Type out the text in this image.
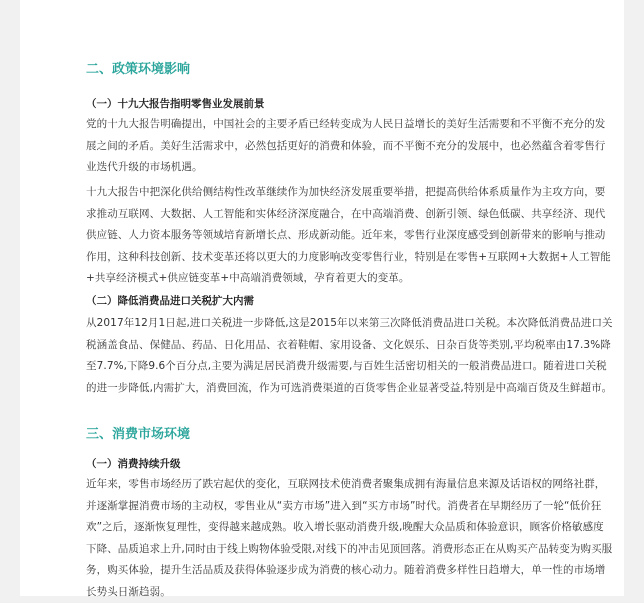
二、政策环境影响
（一）十九大报告指明零售业发展前景
党的十九大报告明确提出，中国社会的主要矛盾已经转变成为人民日益增长的美好生活需要和不平衡不充分的发展之间的矛盾。美好生活需求中，必然包括更好的消费和体验，而不平衡不充分的发展中，也必然蕴含着零售行业迭代升级的市场机遇。
十九大报告中把深化供给侧结构性改革继续作为加快经济发展重要举措，把提高供给体系质量作为主攻方向，要求推动互联网、大数据、人工智能和实体经济深度融合，在中高端消费、创新引领、绿色低碳、共享经济、现代供应链、人力资本服务等领域培育新增长点、形成新动能。近年来，零售行业深度感受到创新带来的影响与推动作用，这种科技创新、技术变革还将以更大的力度影响改变零售行业，特别是在零售+互联网+大数据+人工智能+共享经济模式+供应链变革+中高端消费领域，孕育着更大的变革。
（二）降低消费品进口关税扩大内需
从2017年12月1日起,进口关税进一步降低,这是2015年以来第三次降低消费品进口关税。本次降低消费品进口关税涵盖食品、保健品、药品、日化用品、衣着鞋帽、家用设备、文化娱乐、日杂百货等类别,平均税率由17.3%降至7.7%,下降9.6个百分点,主要为满足居民消费升级需要,与百姓生活密切相关的一般消费品进口。随着进口关税的进一步降低,内需扩大，消费回流，作为可选消费渠道的百货零售企业显著受益,特别是中高端百货及生鲜超市。
三、消费市场环境
（一）消费持续升级
近年来，零售市场经历了跌宕起伏的变化，互联网技术使消费者聚集成拥有海量信息来源及话语权的网络社群，并逐渐掌握消费市场的主动权，零售业从“卖方市场”进入到“买方市场”时代。消费者在早期经历了一轮“低价狂欢”之后，逐渐恢复理性，变得越来越成熟。收入增长驱动消费升级,晚醒大众品质和体验意识，顾客价格敏感度下降、品质追求上升,同时由于线上购物体验受限,对线下的冲击见顶回落。消费形态正在从购买产品转变为购买服务，购买体验，提升生活品质及获得体验逐步成为消费的核心动力。随着消费多样性日趋增大，单一性的市场增长势头日渐趋弱。
